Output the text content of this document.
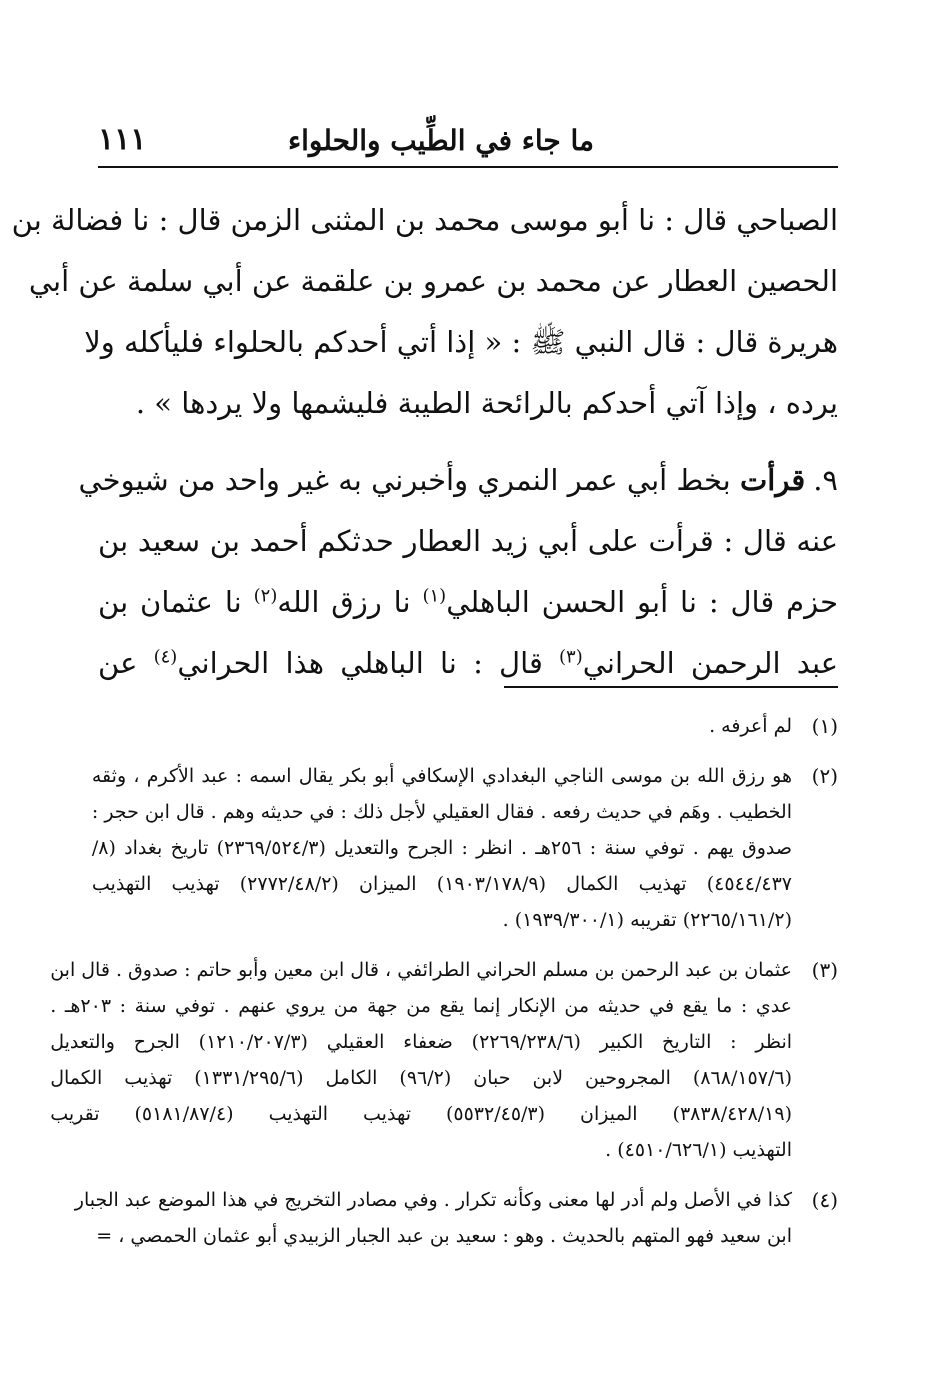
ما جاء في الطِّيب والحلواء
١١١
الصباحي قال : نا أبو موسى محمد بن المثنى الزمن قال : نا فضالة بن
الحصين العطار عن محمد بن عمرو بن علقمة عن أبي سلمة عن أبي
هريرة قال : قال النبي ﷺ : « إذا أتي أحدكم بالحلواء فليأكله ولا
يرده ، وإذا آتي أحدكم بالرائحة الطيبة فليشمها ولا يردها » .
٩.قرأت بخط أبي عمر النمري وأخبرني به غير واحد من شيوخي
عنه قال : قرأت على أبي زيد العطار حدثكم أحمد بن سعيد بن
حزم قال : نا أبو الحسن الباهلي$^{(١)}$ نا رزق الله$^{(٢)}$ نا عثمان بن
عبد الرحمن الحراني$^{(٣)}$ قال : نا الباهلي هذا الحراني$^{(٤)}$ عن
(١)
لم أعرفه .
(٢)
هو رزق الله بن موسى الناجي البغدادي الإسكافي أبو بكر يقال اسمه : عبد الأكرم ، وثقه
الخطيب . وهَم في حديث رفعه . فقال العقيلي لأجل ذلك : في حديثه وهم . قال ابن حجر :
صدوق يهم . توفي سنة : ٢٥٦هـ . انظر : الجرح والتعديل (٢٣٦٩/٥٢٤/٣) تاريخ بغداد (٨/
٤٥٤٤/٤٣٧) تهذيب الكمال (١٩٠٣/١٧٨/٩) الميزان (٢٧٧٢/٤٨/٢) تهذيب التهذيب
(٢٢٦٥/١٦١/٢) تقريبه (١٩٣٩/٣٠٠/١) .
(٣)
عثمان بن عبد الرحمن بن مسلم الحراني الطرائفي ، قال ابن معين وأبو حاتم : صدوق . قال ابن
عدي : ما يقع في حديثه من الإنكار إنما يقع من جهة من يروي عنهم . توفي سنة : ٢٠٣هـ .
انظر : التاريخ الكبير (٢٢٦٩/٢٣٨/٦) ضعفاء العقيلي (١٢١٠/٢٠٧/٣) الجرح والتعديل
(٨٦٨/١٥٧/٦) المجروحين لابن حبان (٩٦/٢) الكامل (١٣٣١/٢٩٥/٦) تهذيب الكمال
(٣٨٣٨/٤٢٨/١٩) الميزان (٥٥٣٢/٤٥/٣) تهذيب التهذيب (٥١٨١/٨٧/٤) تقريب
التهذيب (٤٥١٠/٦٢٦/١) .
(٤)
كذا في الأصل ولم أدر لها معنى وكأنه تكرار . وفي مصادر التخريج في هذا الموضع عبد الجبار
ابن سعيد فهو المتهم بالحديث . وهو : سعيد بن عبد الجبار الزبيدي أبو عثمان الحمصي ، =
